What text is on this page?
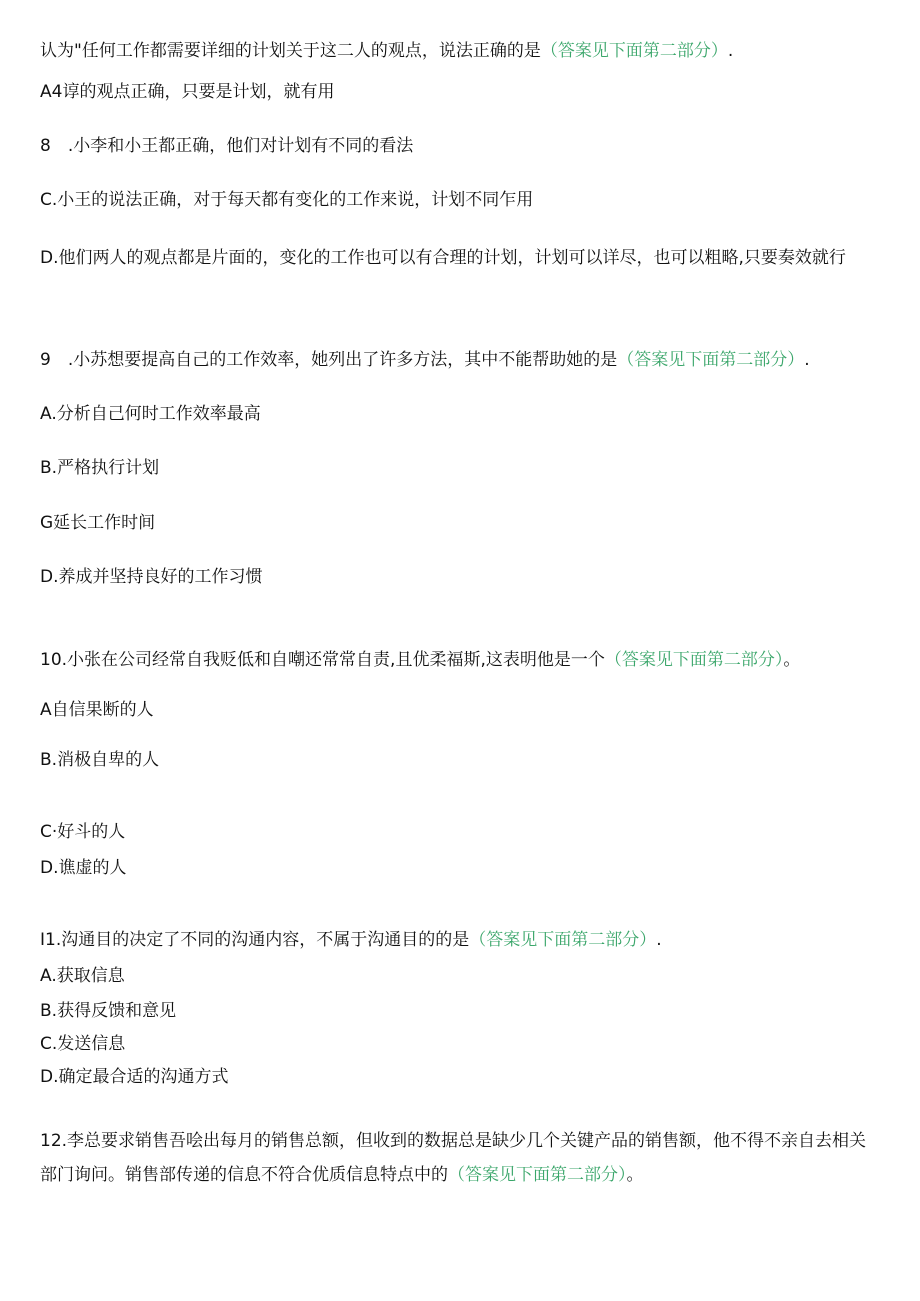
认为"任何工作都需要详细的计划关于这二人的观点，说法正确的是（答案见下面第二部分）.
A4谆的观点正确，只要是计划，就有用
8　.小李和小王都正确，他们对计划有不同的看法
C.小王的说法正确，对于每天都有变化的工作来说，计划不同乍用
D.他们两人的观点都是片面的，变化的工作也可以有合理的计划，计划可以详尽，也可以粗略,只要奏效就行
9　.小苏想要提高自己的工作效率，她列出了许多方法，其中不能帮助她的是（答案见下面第二部分）.
A.分析自己何时工作效率最高
B.严格执行计划
G延长工作时间
D.养成并坚持良好的工作习惯
10.小张在公司经常自我贬低和自嘲还常常自责,且优柔福斯,这表明他是一个（答案见下面第二部分）。
A自信果断的人
B.消极自卑的人
C·好斗的人
D.谯虚的人
I1.沟通目的决定了不同的沟通内容，不属于沟通目的的是（答案见下面第二部分）.
A.获取信息
B.获得反馈和意见
C.发送信息
D.确定最合适的沟通方式
12.李总要求销售吾哙出每月的销售总额，但收到的数据总是缺少几个关键产品的销售额，他不得不亲自去相关部门询问。销售部传递的信息不符合优质信息特点中的（答案见下面第二部分）。
